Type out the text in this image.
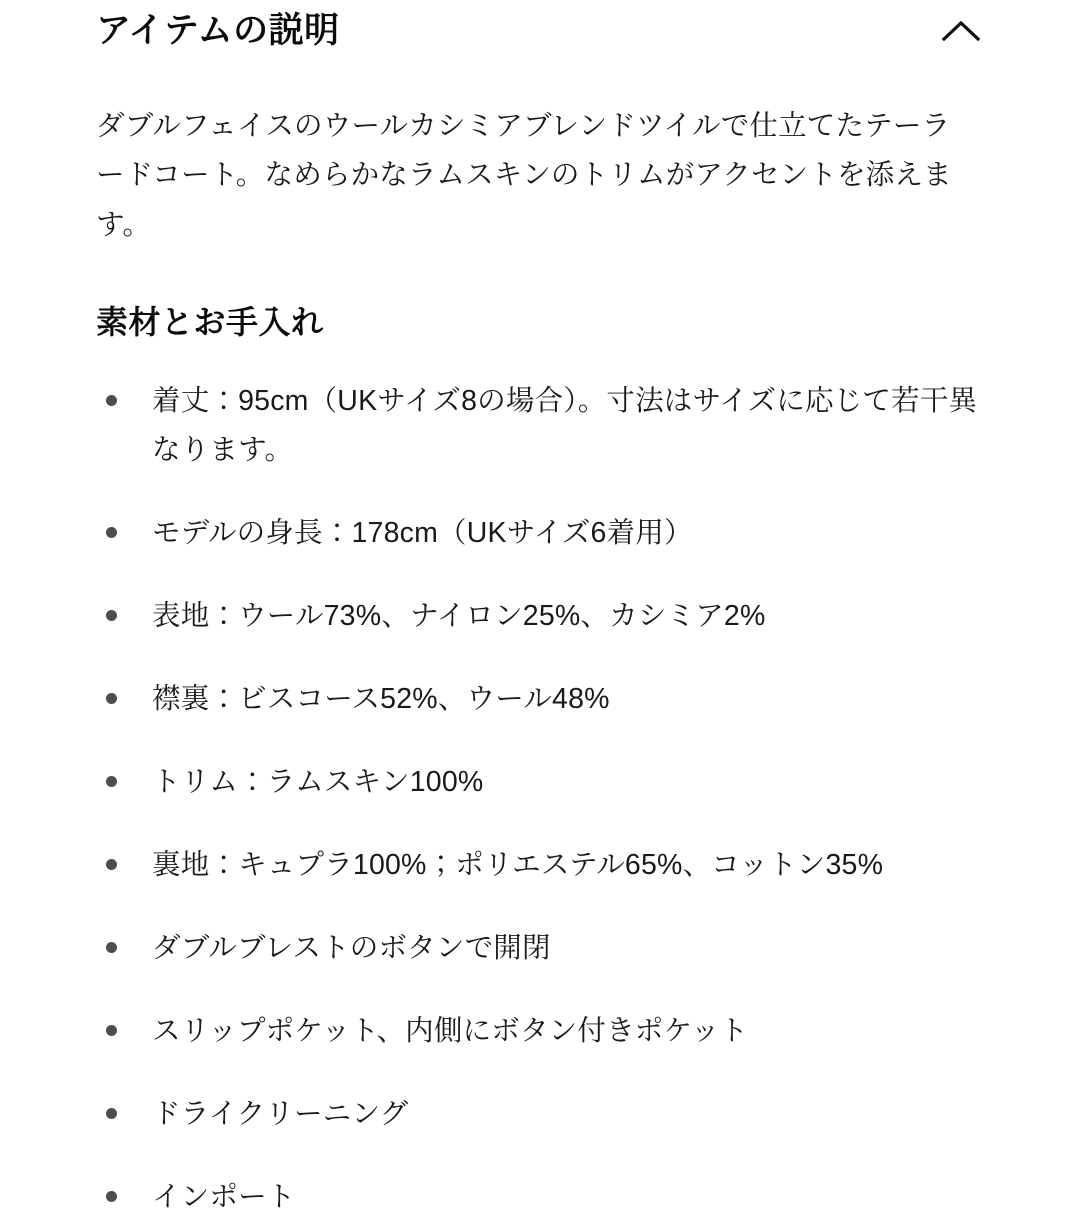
アイテムの説明

ダブルフェイスのウールカシミアブレンドツイルで仕立てたテーラードコート。なめらかなラムスキンのトリムがアクセントを添えます。

素材とお手入れ
着丈：95cm（UKサイズ8の場合）。寸法はサイズに応じて若干異なります。
モデルの身長：178cm（UKサイズ6着用）
表地：ウール73%、ナイロン25%、カシミア2%
襟裏：ビスコース52%、ウール48%
トリム：ラムスキン100%
裏地：キュプラ100%；ポリエステル65%、コットン35%
ダブルブレストのボタンで開閉
スリップポケット、内側にボタン付きポケット
ドライクリーニング
インポート
